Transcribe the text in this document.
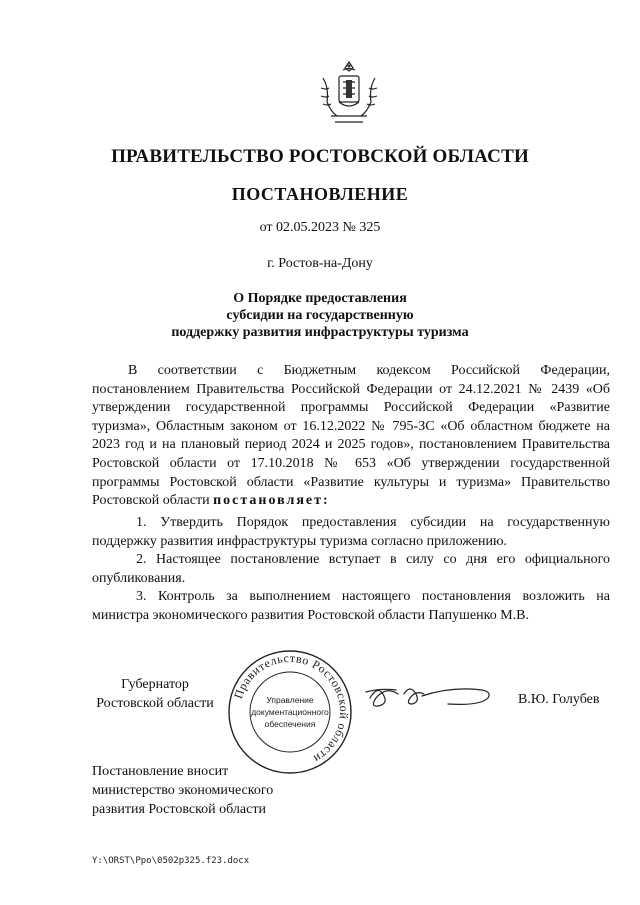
ПРАВИТЕЛЬСТВО РОСТОВСКОЙ ОБЛАСТИ
ПОСТАНОВЛЕНИЕ
от 02.05.2023 № 325
г. Ростов-на-Дону
О Порядке предоставления
субсидии на государственную
поддержку развития инфраструктуры туризма
В соответствии с Бюджетным кодексом Российской Федерации, постановлением Правительства Российской Федерации от 24.12.2021 № 2439 «Об утверждении государственной программы Российской Федерации «Развитие туризма», Областным законом от 16.12.2022 № 795-ЗС «Об областном бюджете на 2023 год и на плановый период 2024 и 2025 годов», постановлением Правительства Ростовской области от 17.10.2018 № 653 «Об утверждении государственной программы Ростовской области «Развитие культуры и туризма» Правительство Ростовской области постановляет:
1. Утвердить Порядок предоставления субсидии на государственную поддержку развития инфраструктуры туризма согласно приложению.
2. Настоящее постановление вступает в силу со дня его официального опубликования.
3. Контроль за выполнением настоящего постановления возложить на министра экономического развития Ростовской области Папушенко М.В.
Губернатор
Ростовской области
Правительство Ростовской области
Управление
документационного
обеспечения
В.Ю. Голубев
Постановление вносит
министерство экономического
развития Ростовской области
Y:\ORST\Ppo\0502p325.f23.docx
